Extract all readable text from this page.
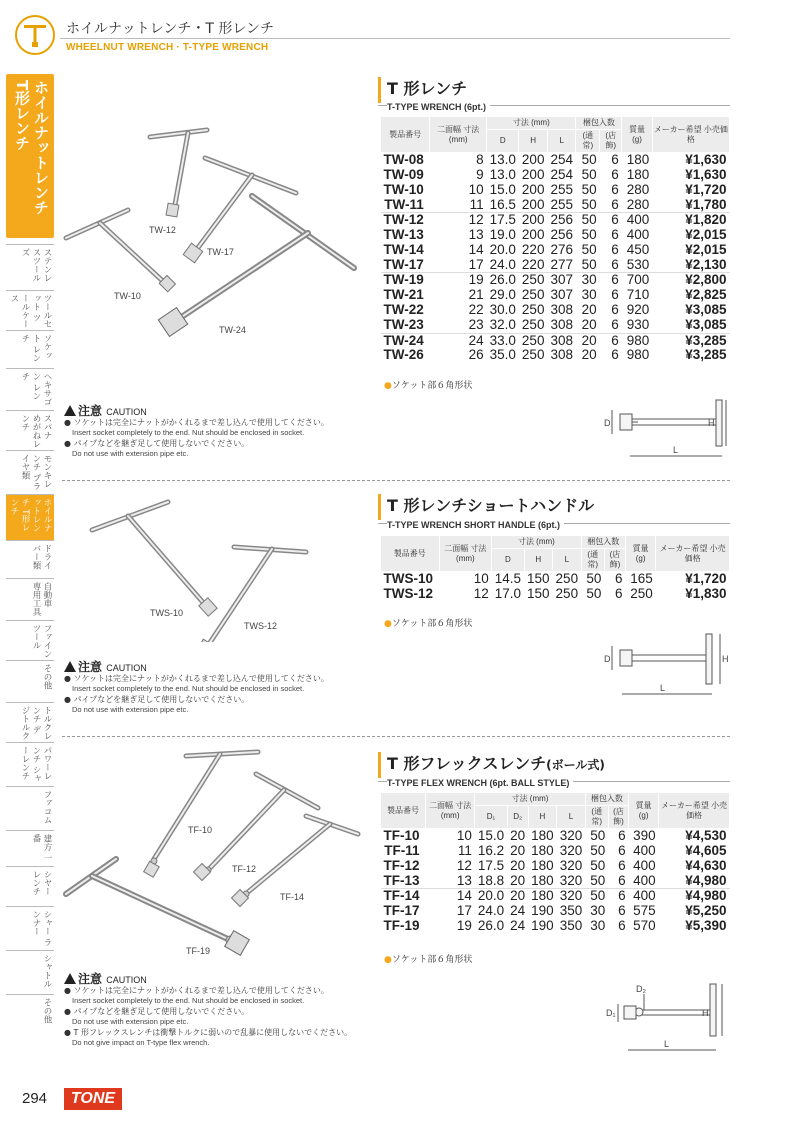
ホイルナットレンチ・T 形レンチ
WHEELNUT WRENCH · T-TYPE WRENCH
ホイルナットレンチ T形レンチ
ステンレスツールズ
ツールセット ツールケース
ソケット レンチ
ヘキサゴン レンチ
スパナ めがねレンチ
モンキレンチ プライヤ類
ホイルナットレンチ T形レンチ
ドライバー類
自動車 専用工具
ファイン ツール
その他
トルクレンチ デジトルク
パワーレンチ シャーレンチ
ファコム
建方 一番
シヤー レンチ
シャー ランナー
シャトル
その他
TW-12
TW-17
TW-10
TW-24
T 形レンチ
T-TYPE WRENCH (6pt.)
製品番号	二面幅 寸法 (mm)	寸法 (mm)			梱包入数		質量 (g)	メーカー希望 小売価格
		D	H	L	(通常)	(店飾)		
TW-08	8	13.0	200	254	50	6	180	¥1,630
TW-09	9	13.0	200	254	50	6	180	¥1,630
TW-10	10	15.0	200	255	50	6	280	¥1,720
TW-11	11	16.5	200	255	50	6	280	¥1,780
TW-12	12	17.5	200	256	50	6	400	¥1,820
TW-13	13	19.0	200	256	50	6	400	¥2,015
TW-14	14	20.0	220	276	50	6	450	¥2,015
TW-17	17	24.0	220	277	50	6	530	¥2,130
TW-19	19	26.0	250	307	30	6	700	¥2,800
TW-21	21	29.0	250	307	30	6	710	¥2,825
TW-22	22	30.0	250	308	20	6	920	¥3,085
TW-23	23	32.0	250	308	20	6	930	¥3,085
TW-24	24	33.0	250	308	20	6	980	¥3,285
TW-26	26	35.0	250	308	20	6	980	¥3,285
●ソケット部６角形状
D	H
L
注意 CAUTION
● ソケットは完全にナットがかくれるまで差し込んで使用してください。
Insert socket completely to the end. Nut should be enclosed in socket.
● パイプなどを継ぎ足して使用しないでください。
Do not use with extension pipe etc.
TWS-10
TWS-12
T 形レンチショートハンドル
T-TYPE WRENCH SHORT HANDLE (6pt.)
製品番号	二面幅 寸法 (mm)	寸法 (mm)			梱包入数		質量 (g)	メーカー希望 小売価格
		D	H	L	(通常)	(店飾)		
TWS-10	10	14.5	150	250	50	6	165	¥1,720
TWS-12	12	17.0	150	250	50	6	250	¥1,830
●ソケット部６角形状
D	H
L
注意 CAUTION
● ソケットは完全にナットがかくれるまで差し込んで使用してください。
Insert socket completely to the end. Nut should be enclosed in socket.
● パイプなどを継ぎ足して使用しないでください。
Do not use with extension pipe etc.
TF-10
TF-12
TF-14
TF-19
T 形フレックスレンチ(ボール式)
T-TYPE FLEX WRENCH (6pt. BALL STYLE)
製品番号	二面幅 寸法 (mm)	寸法 (mm)				梱包入数		質量 (g)	メーカー希望 小売価格
		D₁	D₂	H	L	(通常)	(店飾)		
TF-10	10	15.0	20	180	320	50	6	390	¥4,530
TF-11	11	16.2	20	180	320	50	6	400	¥4,605
TF-12	12	17.5	20	180	320	50	6	400	¥4,630
TF-13	13	18.8	20	180	320	50	6	400	¥4,980
TF-14	14	20.0	20	180	320	50	6	400	¥4,980
TF-17	17	24.0	24	190	350	30	6	575	¥5,250
TF-19	19	26.0	24	190	350	30	6	570	¥5,390
●ソケット部６角形状
D₁
D₂
H
L
注意 CAUTION
● ソケットは完全にナットがかくれるまで差し込んで使用してください。
Insert socket completely to the end. Nut should be enclosed in socket.
● パイプなどを継ぎ足して使用しないでください。
Do not use with extension pipe etc.
● T 形フレックスレンチは衝撃トルクに弱いので乱暴に使用しないでください。
Do not give impact on T-type flex wrench.
294	TONE
